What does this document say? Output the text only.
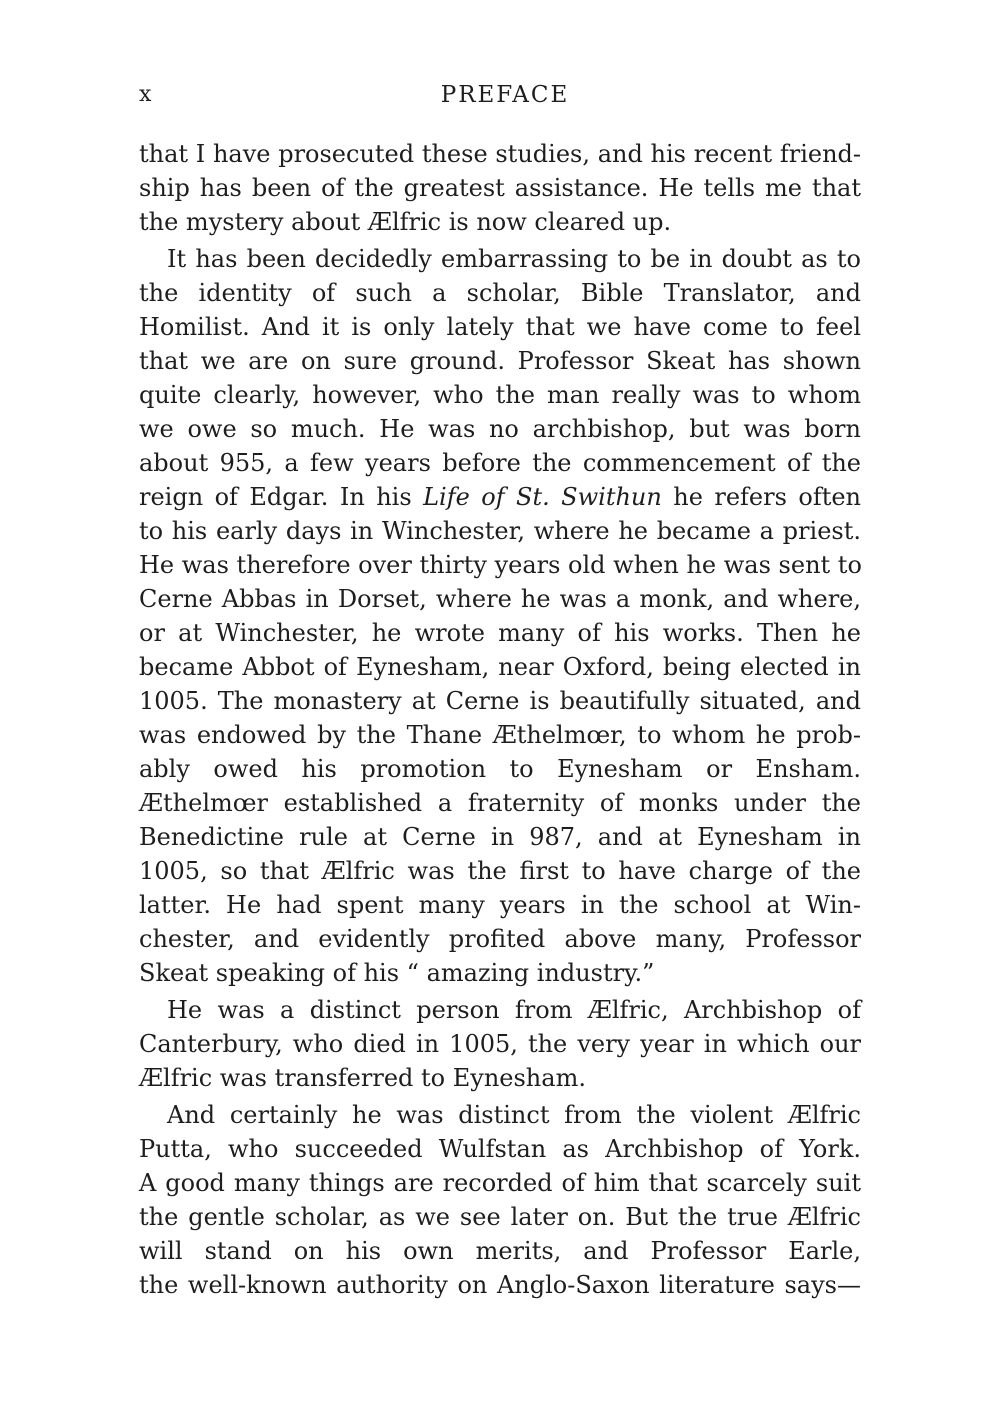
x	PREFACE
that I have prosecuted these studies, and his recent friend-
ship has been of the greatest assistance. He tells me that
the mystery about Ælfric is now cleared up.
It has been decidedly embarrassing to be in doubt as to
the identity of such a scholar, Bible Translator, and
Homilist. And it is only lately that we have come to feel
that we are on sure ground. Professor Skeat has shown
quite clearly, however, who the man really was to whom
we owe so much. He was no archbishop, but was born
about 955, a few years before the commencement of the
reign of Edgar. In his Life of St. Swithun he refers often
to his early days in Winchester, where he became a priest.
He was therefore over thirty years old when he was sent to
Cerne Abbas in Dorset, where he was a monk, and where,
or at Winchester, he wrote many of his works. Then he
became Abbot of Eynesham, near Oxford, being elected in
1005. The monastery at Cerne is beautifully situated, and
was endowed by the Thane Æthelmœr, to whom he prob-
ably owed his promotion to Eynesham or Ensham.
Æthelmœr established a fraternity of monks under the
Benedictine rule at Cerne in 987, and at Eynesham in
1005, so that Ælfric was the first to have charge of the
latter. He had spent many years in the school at Win-
chester, and evidently profited above many, Professor
Skeat speaking of his “ amazing industry.”
He was a distinct person from Ælfric, Archbishop of
Canterbury, who died in 1005, the very year in which our
Ælfric was transferred to Eynesham.
And certainly he was distinct from the violent Ælfric
Putta, who succeeded Wulfstan as Archbishop of York.
A good many things are recorded of him that scarcely suit
the gentle scholar, as we see later on. But the true Ælfric
will stand on his own merits, and Professor Earle,
the well-known authority on Anglo-Saxon literature says—
